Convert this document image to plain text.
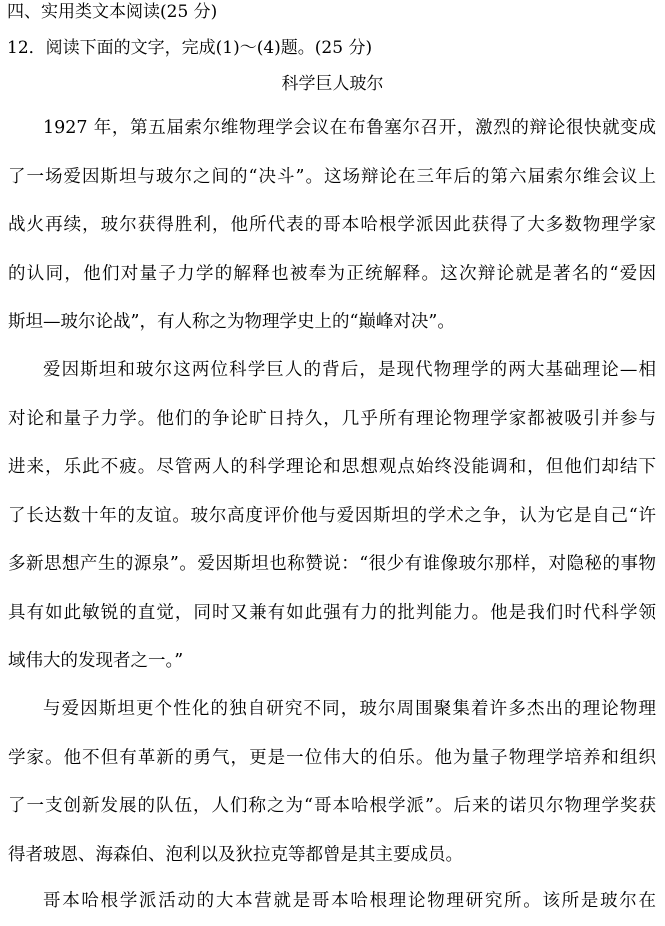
四、实用类文本阅读(25 分)
12．阅读下面的文字，完成(1)～(4)题。(25 分)
科学巨人玻尔
1927 年，第五届索尔维物理学会议在布鲁塞尔召开，激烈的辩论很快就变成
了一场爱因斯坦与玻尔之间的“决斗”。这场辩论在三年后的第六届索尔维会议上
战火再续，玻尔获得胜利，他所代表的哥本哈根学派因此获得了大多数物理学家
的认同，他们对量子力学的解释也被奉为正统解释。这次辩论就是著名的“爱因
斯坦—玻尔论战”，有人称之为物理学史上的“巅峰对决”。
爱因斯坦和玻尔这两位科学巨人的背后，是现代物理学的两大基础理论—相
对论和量子力学。他们的争论旷日持久，几乎所有理论物理学家都被吸引并参与
进来，乐此不疲。尽管两人的科学理论和思想观点始终没能调和，但他们却结下
了长达数十年的友谊。玻尔高度评价他与爱因斯坦的学术之争，认为它是自己“许
多新思想产生的源泉”。爱因斯坦也称赞说：“很少有谁像玻尔那样，对隐秘的事物
具有如此敏锐的直觉，同时又兼有如此强有力的批判能力。他是我们时代科学领
域伟大的发现者之一。”
与爱因斯坦更个性化的独自研究不同，玻尔周围聚集着许多杰出的理论物理
学家。他不但有革新的勇气，更是一位伟大的伯乐。他为量子物理学培养和组织
了一支创新发展的队伍，人们称之为“哥本哈根学派”。后来的诺贝尔物理学奖获
得者玻恩、海森伯、泡利以及狄拉克等都曾是其主要成员。
哥本哈根学派活动的大本营就是哥本哈根理论物理研究所。该所是玻尔在
